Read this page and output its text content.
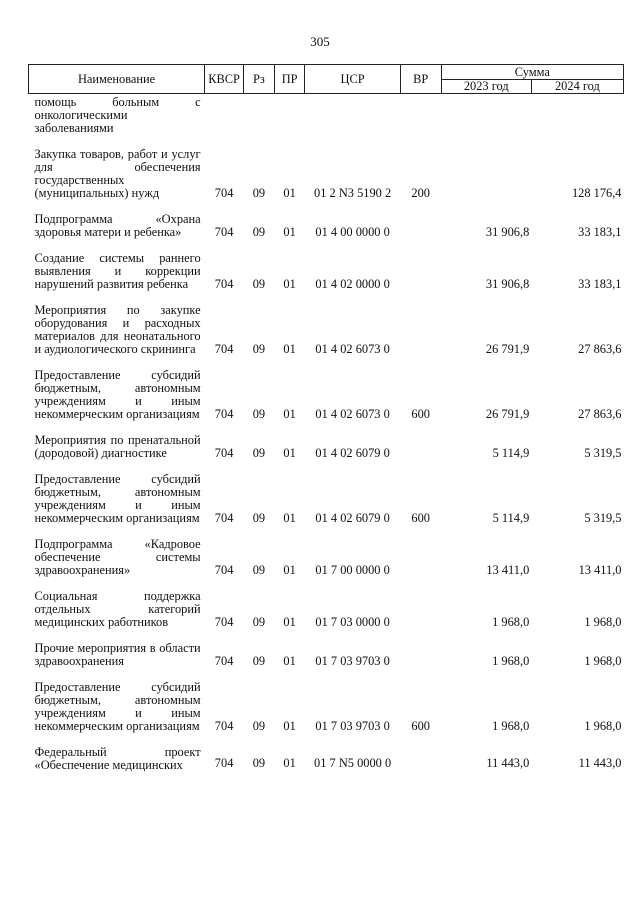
305
Наименование	КВСР	Рз	ПР	ЦСР	ВР	Сумма	
						2023 год	2024 год
помощь больным с онкологическими заболеваниями							
Закупка товаров, работ и услуг для обеспечения государственных (муниципальных) нужд	704	09	01	01 2 N3 5190 2	200		128 176,4
Подпрограмма «Охрана здоровья матери и ребенка»	704	09	01	01 4 00 0000 0		31 906,8	33 183,1
Создание системы раннего выявления и коррекции нарушений развития ребенка	704	09	01	01 4 02 0000 0		31 906,8	33 183,1
Мероприятия по закупке оборудования и расходных материалов для неонатального и аудиологического скрининга	704	09	01	01 4 02 6073 0		26 791,9	27 863,6
Предоставление субсидий бюджетным, автономным учреждениям и иным некоммерческим организациям	704	09	01	01 4 02 6073 0	600	26 791,9	27 863,6
Мероприятия по пренатальной (дородовой) диагностике	704	09	01	01 4 02 6079 0		5 114,9	5 319,5
Предоставление субсидий бюджетным, автономным учреждениям и иным некоммерческим организациям	704	09	01	01 4 02 6079 0	600	5 114,9	5 319,5
Подпрограмма «Кадровое обеспечение системы здравоохранения»	704	09	01	01 7 00 0000 0		13 411,0	13 411,0
Социальная поддержка отдельных категорий медицинских работников	704	09	01	01 7 03 0000 0		1 968,0	1 968,0
Прочие мероприятия в области здравоохранения	704	09	01	01 7 03 9703 0		1 968,0	1 968,0
Предоставление субсидий бюджетным, автономным учреждениям и иным некоммерческим организациям	704	09	01	01 7 03 9703 0	600	1 968,0	1 968,0
Федеральный проект «Обеспечение медицинских	704	09	01	01 7 N5 0000 0		11 443,0	11 443,0
